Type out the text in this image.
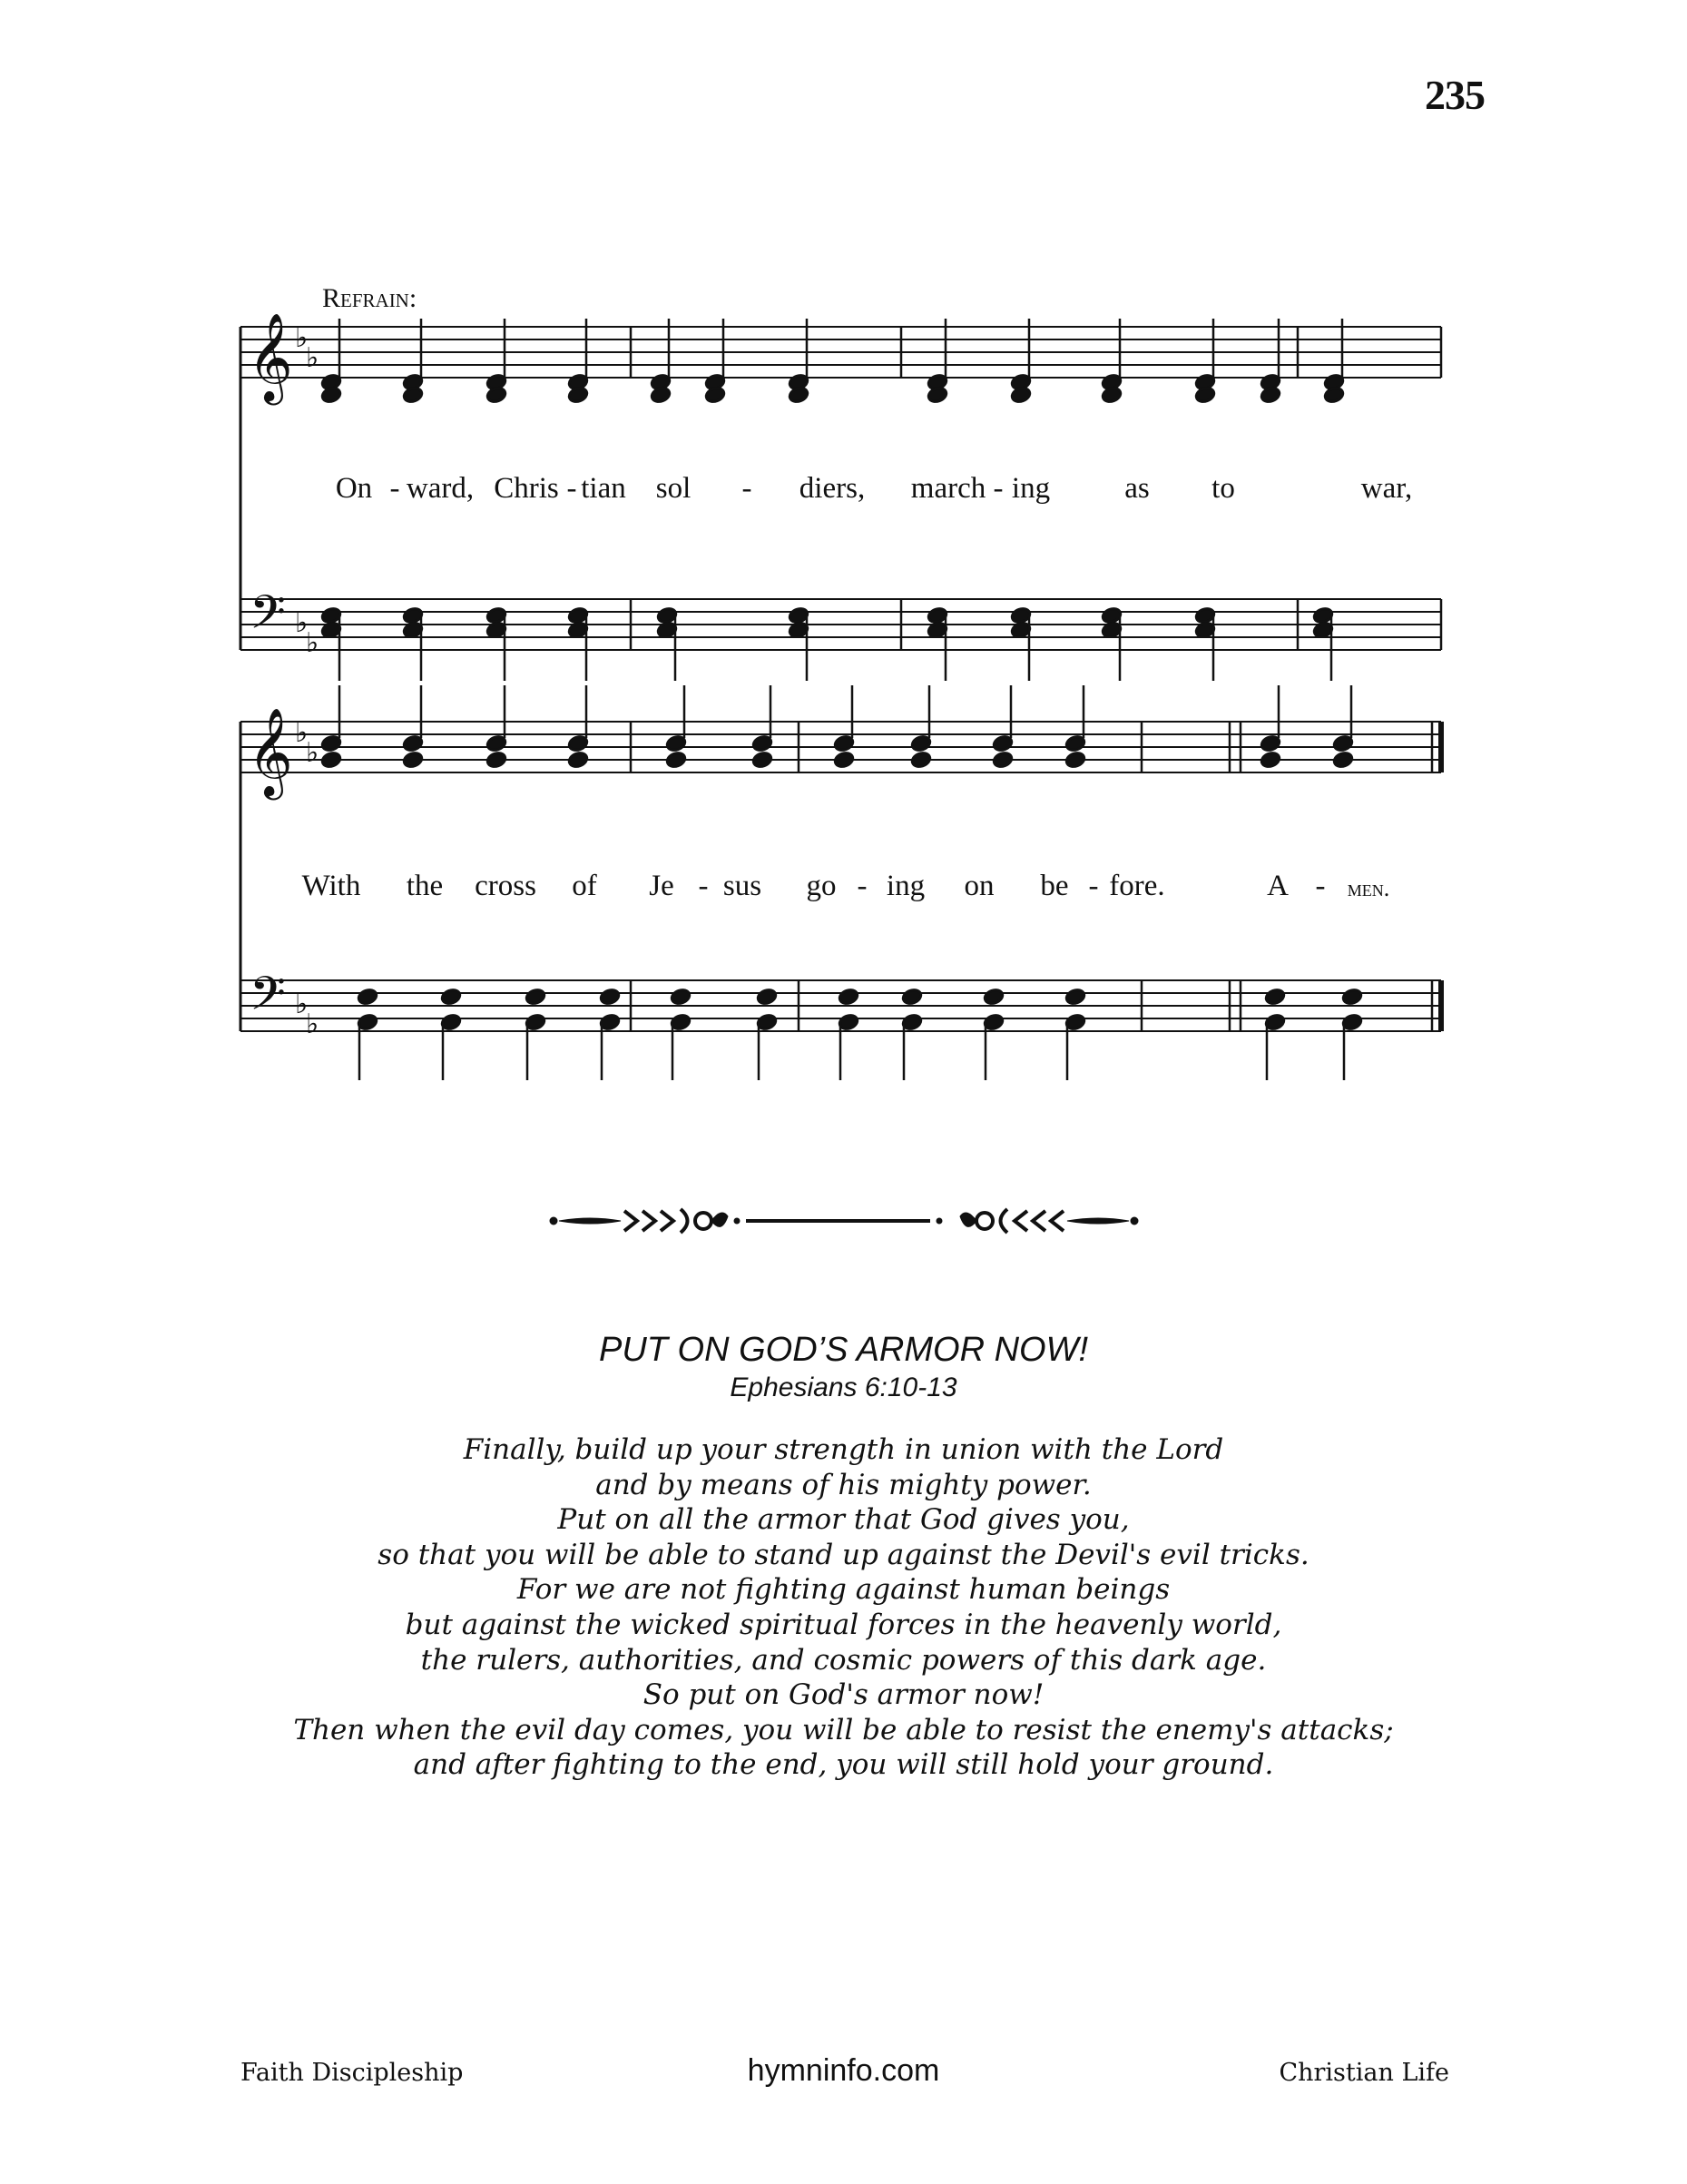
235
Refrain:
𝄞
𝄢
♭
♭
♭
♭
𝄞
𝄢
♭
♭
♭
♭
On - ward, Chris - tian sol - diers, march - ing as to	war,
With the cross of Je - sus go - ing on be - fore.	A - men.
PUT ON GOD’S ARMOR NOW!
Ephesians 6:10-13
Finally, build up your strength in union with the Lord
and by means of his mighty power.
Put on all the armor that God gives you,
so that you will be able to stand up against the Devil's evil tricks.
For we are not fighting against human beings
but against the wicked spiritual forces in the heavenly world,
the rulers, authorities, and cosmic powers of this dark age.
So put on God's armor now!
Then when the evil day comes, you will be able to resist the enemy's attacks;
and after fighting to the end, you will still hold your ground.
Faith Discipleship	hymninfo.com	Christian Life
